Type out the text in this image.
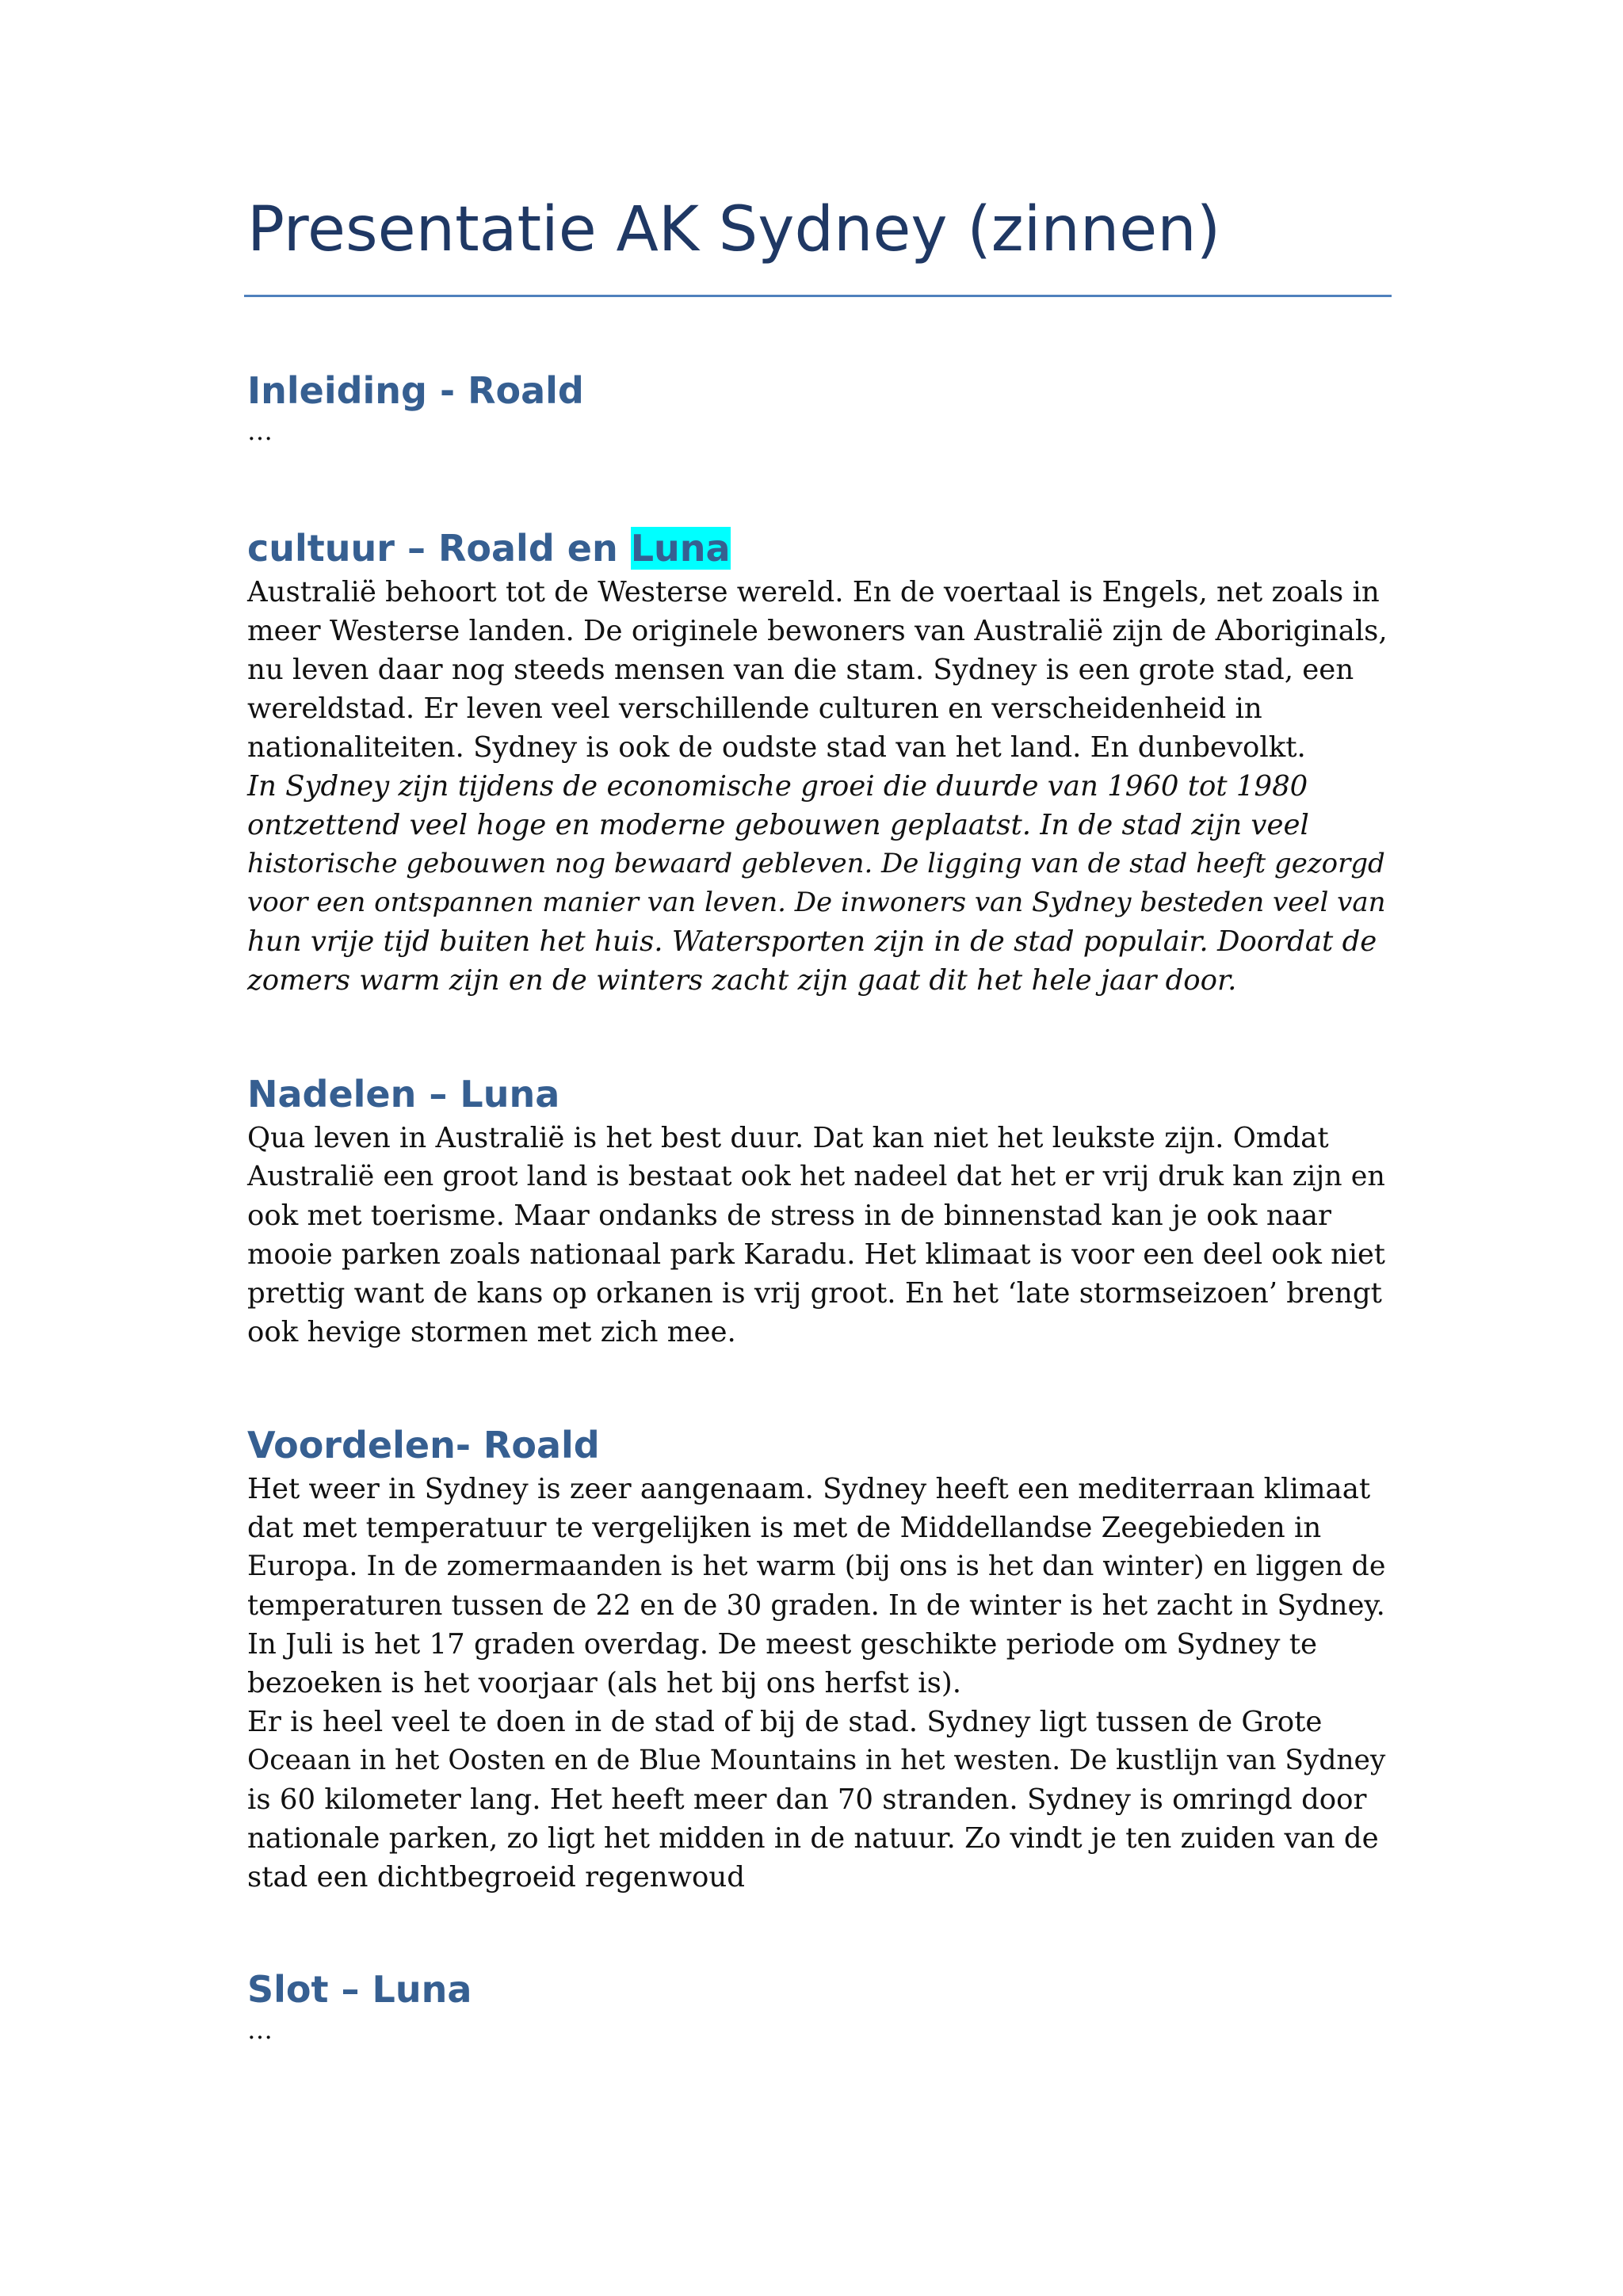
Presentatie AK Sydney (zinnen)
Inleiding - Roald

…

cultuur – Roald en Luna

Australië behoort tot de Westerse wereld. En de voertaal is Engels, net zoals in
meer Westerse landen. De originele bewoners van Australië zijn de Aboriginals,
nu leven daar nog steeds mensen van die stam. Sydney is een grote stad, een
wereldstad. Er leven veel verschillende culturen en verscheidenheid in
nationaliteiten. Sydney is ook de oudste stad van het land. En dunbevolkt.

In Sydney zijn tijdens de economische groei die duurde van 1960 tot 1980
ontzettend veel hoge en moderne gebouwen geplaatst. In de stad zijn veel
historische gebouwen nog bewaard gebleven. De ligging van de stad heeft gezorgd
voor een ontspannen manier van leven. De inwoners van Sydney besteden veel van
hun vrije tijd buiten het huis. Watersporten zijn in de stad populair. Doordat de
zomers warm zijn en de winters zacht zijn gaat dit het hele jaar door.

Nadelen – Luna

Qua leven in Australië is het best duur. Dat kan niet het leukste zijn. Omdat
Australië een groot land is bestaat ook het nadeel dat het er vrij druk kan zijn en
ook met toerisme. Maar ondanks de stress in de binnenstad kan je ook naar
mooie parken zoals nationaal park Karadu. Het klimaat is voor een deel ook niet
prettig want de kans op orkanen is vrij groot. En het ‘late stormseizoen’ brengt
ook hevige stormen met zich mee.

Voordelen- Roald

Het weer in Sydney is zeer aangenaam. Sydney heeft een mediterraan klimaat
dat met temperatuur te vergelijken is met de Middellandse Zeegebieden in
Europa. In de zomermaanden is het warm (bij ons is het dan winter) en liggen de
temperaturen tussen de 22 en de 30 graden. In de winter is het zacht in Sydney.
In Juli is het 17 graden overdag. De meest geschikte periode om Sydney te
bezoeken is het voorjaar (als het bij ons herfst is).

Er is heel veel te doen in de stad of bij de stad. Sydney ligt tussen de Grote
Oceaan in het Oosten en de Blue Mountains in het westen. De kustlijn van Sydney
is 60 kilometer lang. Het heeft meer dan 70 stranden. Sydney is omringd door
nationale parken, zo ligt het midden in de natuur. Zo vindt je ten zuiden van de
stad een dichtbegroeid regenwoud

Slot – Luna

…
